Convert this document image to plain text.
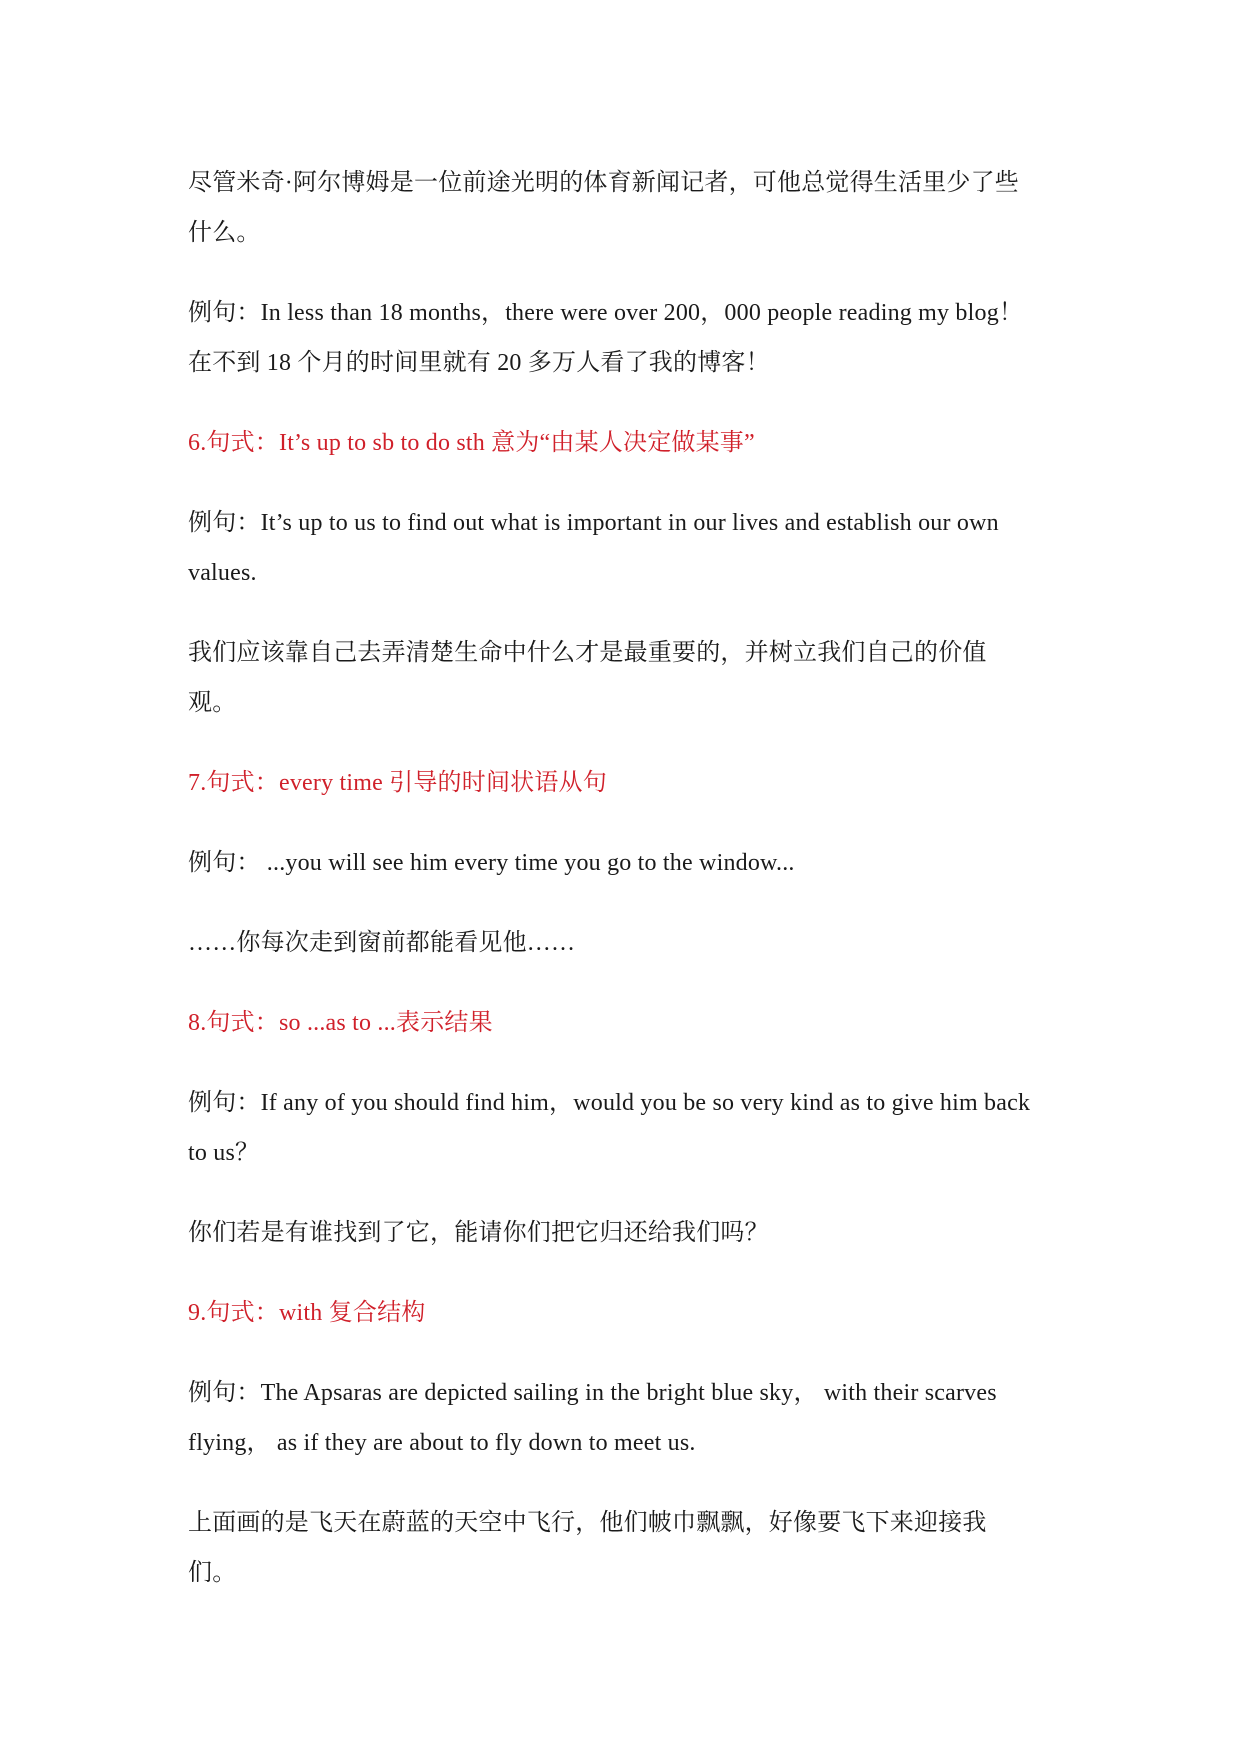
尽管米奇·阿尔博姆是一位前途光明的体育新闻记者，可他总觉得生活里少了些
什么。
例句：In less than 18 months，there were over 200，000 people reading my blog！
在不到 18 个月的时间里就有 20 多万人看了我的博客！
6.句式：It’s up to sb to do sth 意为“由某人决定做某事”
例句：It’s up to us to find out what is important in our lives and establish our own
values.
我们应该靠自己去弄清楚生命中什么才是最重要的，并树立我们自己的价值
观。
7.句式：every time 引导的时间状语从句
例句： ...you will see him every time you go to the window...
……你每次走到窗前都能看见他……
8.句式：so ...as to ...表示结果
例句：If any of you should find him，would you be so very kind as to give him back
to us？
你们若是有谁找到了它，能请你们把它归还给我们吗？
9.句式：with 复合结构
例句：The Apsaras are depicted sailing in the bright blue sky， with their scarves
flying， as if they are about to fly down to meet us.
上面画的是飞天在蔚蓝的天空中飞行，他们帔巾飘飘，好像要飞下来迎接我
们。
